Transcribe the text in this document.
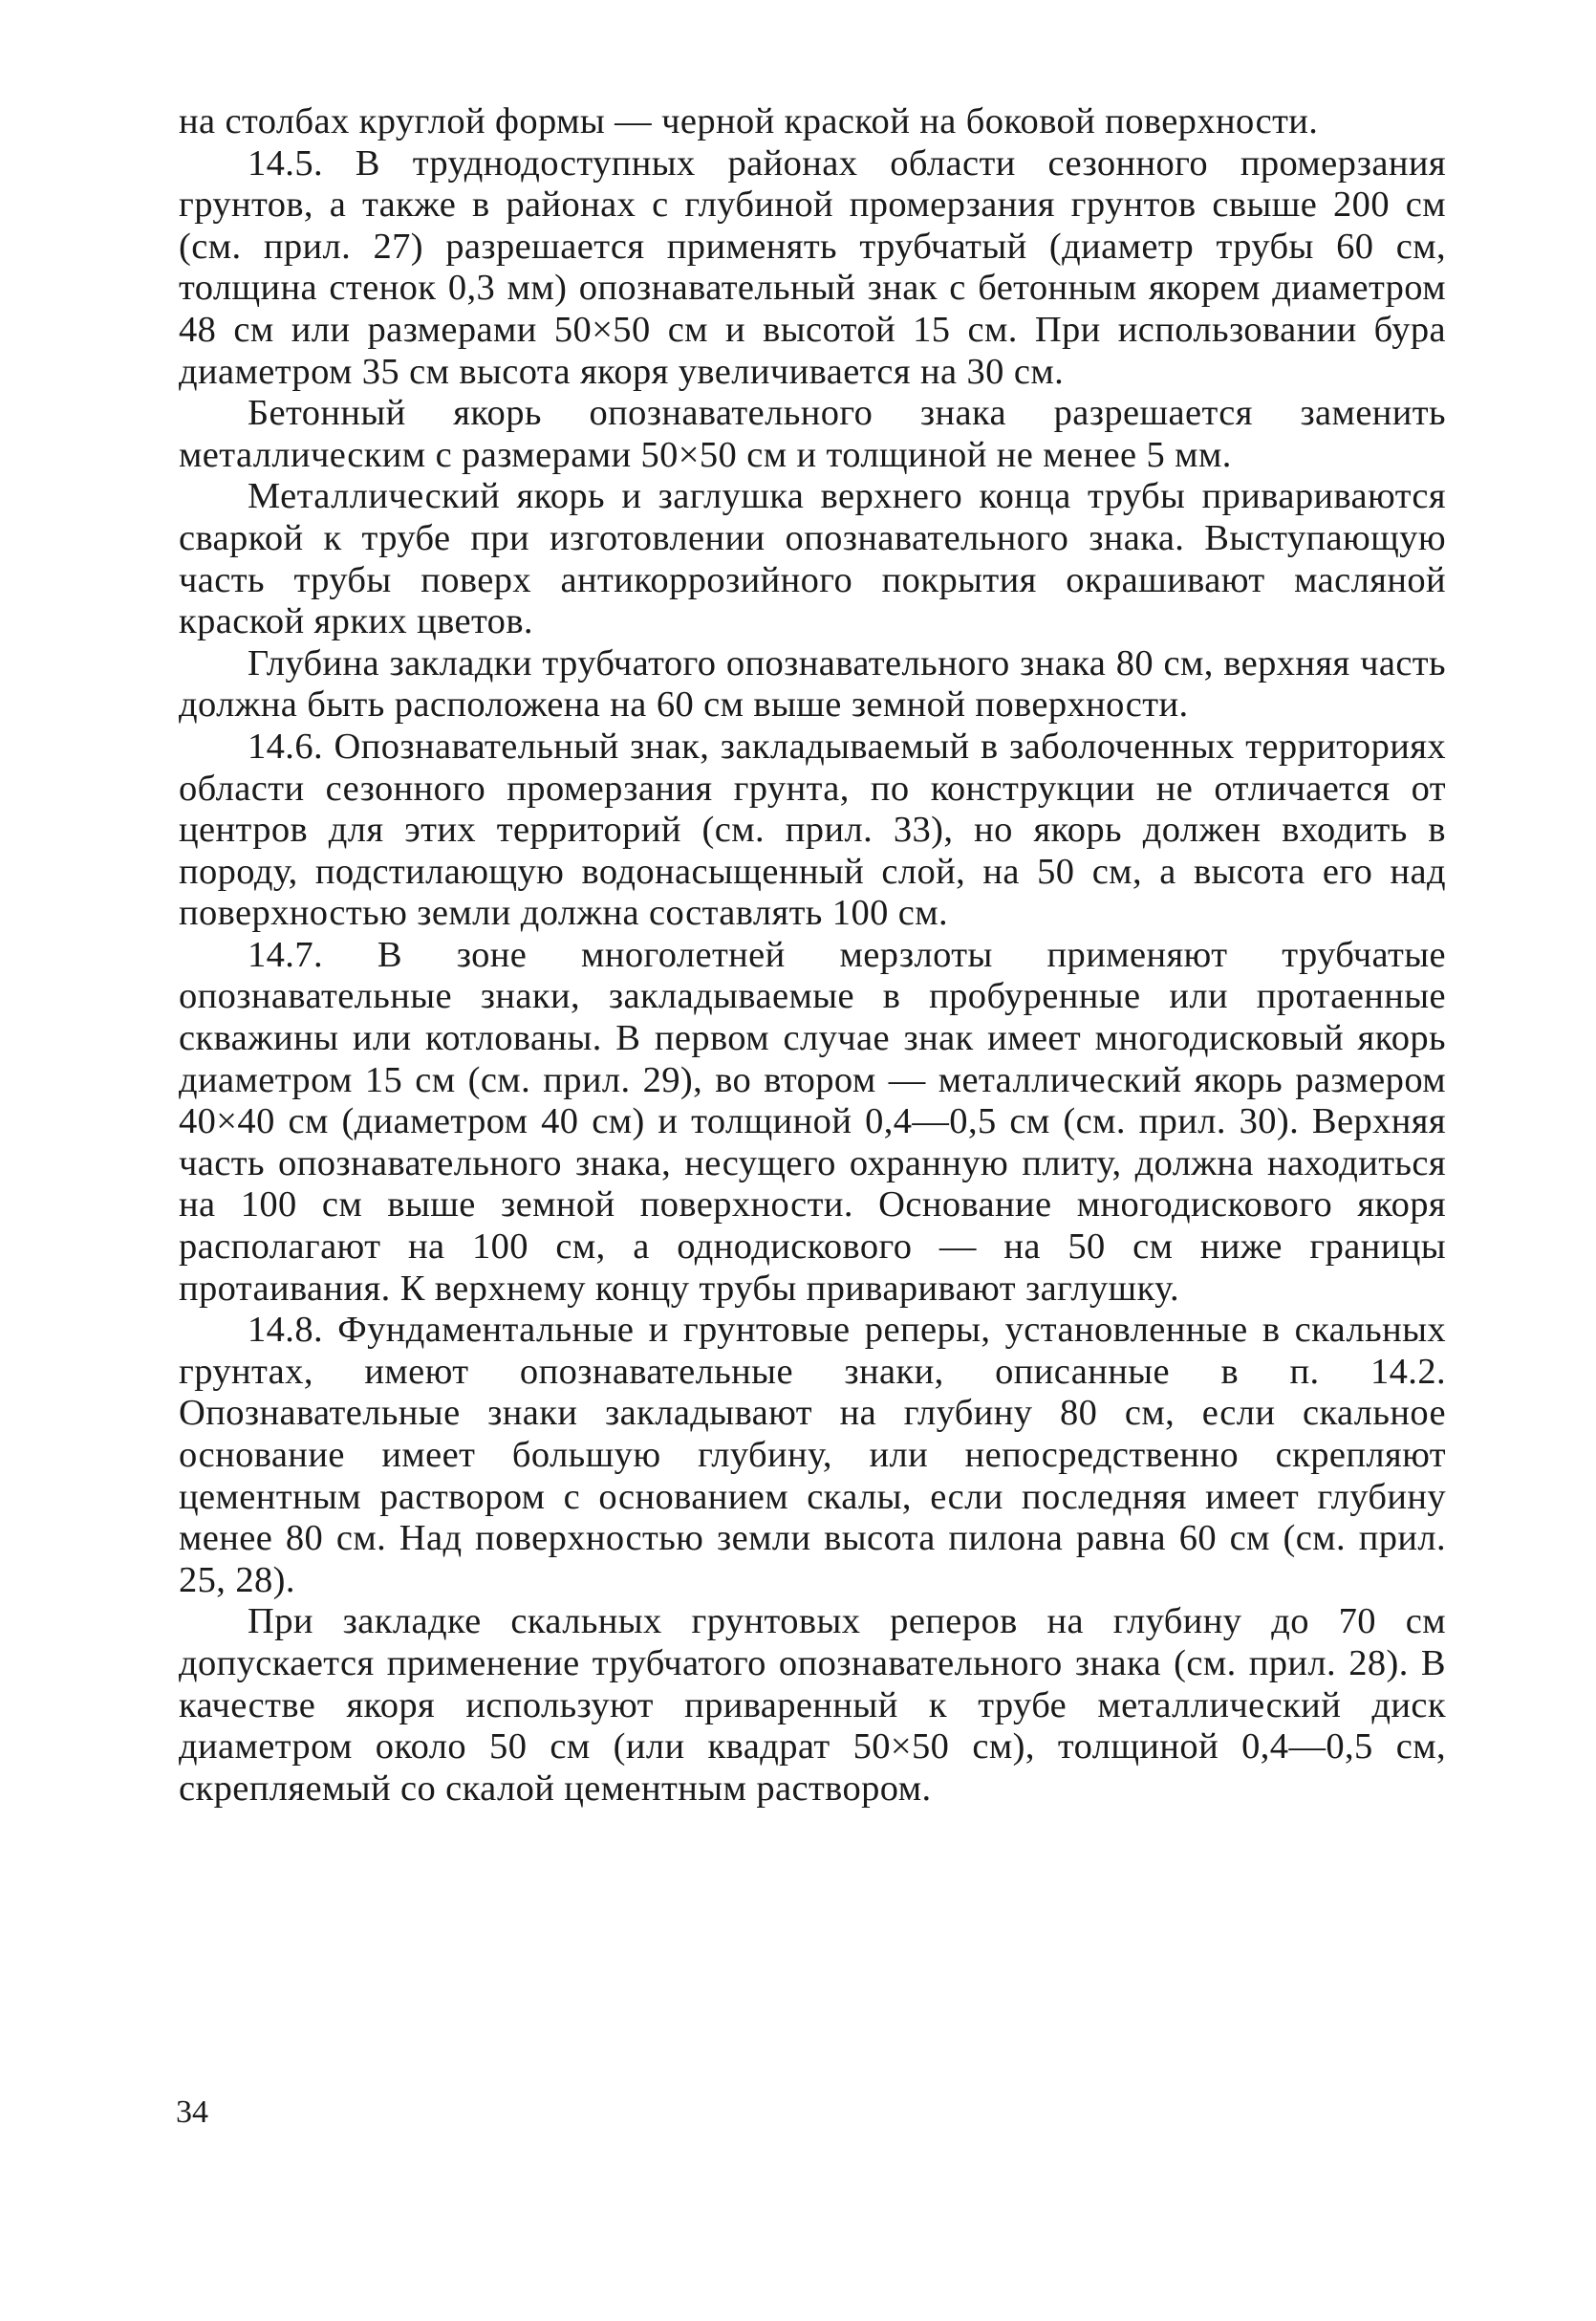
на столбах круглой формы — черной краской на боковой поверхности.

14.5. В труднодоступных районах области сезонного промерзания грунтов, а также в районах с глубиной промерзания грунтов свыше 200 см (см. прил. 27) разрешается применять трубчатый (диаметр трубы 60 см, толщина стенок 0,3 мм) опознавательный знак с бетонным якорем диаметром 48 см или размерами 50×50 см и высотой 15 см. При использовании бура диаметром 35 см высота якоря увеличивается на 30 см.

Бетонный якорь опознавательного знака разрешается заменить металлическим с размерами 50×50 см и толщиной не менее 5 мм.

Металлический якорь и заглушка верхнего конца трубы привариваются сваркой к трубе при изготовлении опознавательного знака. Выступающую часть трубы поверх антикоррозийного покрытия окрашивают масляной краской ярких цветов.

Глубина закладки трубчатого опознавательного знака 80 см, верхняя часть должна быть расположена на 60 см выше земной поверхности.

14.6. Опознавательный знак, закладываемый в заболоченных территориях области сезонного промерзания грунта, по конструкции не отличается от центров для этих территорий (см. прил. 33), но якорь должен входить в породу, подстилающую водонасыщенный слой, на 50 см, а высота его над поверхностью земли должна составлять 100 см.

14.7. В зоне многолетней мерзлоты применяют трубчатые опознавательные знаки, закладываемые в пробуренные или протаенные скважины или котлованы. В первом случае знак имеет многодисковый якорь диаметром 15 см (см. прил. 29), во втором — металлический якорь размером 40×40 см (диаметром 40 см) и толщиной 0,4—0,5 см (см. прил. 30). Верхняя часть опознавательного знака, несущего охранную плиту, должна находиться на 100 см выше земной поверхности. Основание многодискового якоря располагают на 100 см, а однодискового — на 50 см ниже границы протаивания. К верхнему концу трубы приваривают заглушку.

14.8. Фундаментальные и грунтовые реперы, установленные в скальных грунтах, имеют опознавательные знаки, описанные в п. 14.2. Опознавательные знаки закладывают на глубину 80 см, если скальное основание имеет большую глубину, или непосредственно скрепляют цементным раствором с основанием скалы, если последняя имеет глубину менее 80 см. Над поверхностью земли высота пилона равна 60 см (см. прил. 25, 28).

При закладке скальных грунтовых реперов на глубину до 70 см допускается применение трубчатого опознавательного знака (см. прил. 28). В качестве якоря используют приваренный к трубе металлический диск диаметром около 50 см (или квадрат 50×50 см), толщиной 0,4—0,5 см, скрепляемый со скалой цементным раствором.

34
